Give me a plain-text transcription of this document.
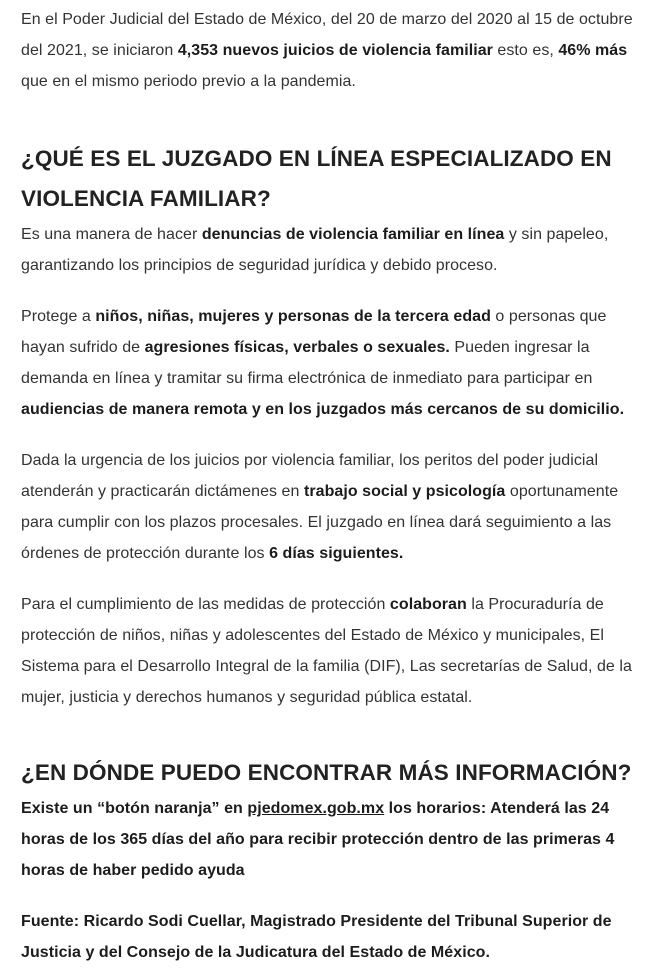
En el Poder Judicial del Estado de México, del 20 de marzo del 2020 al 15 de octubre del 2021, se iniciaron 4,353 nuevos juicios de violencia familiar esto es, 46% más que en el mismo periodo previo a la pandemia.

¿QUÉ ES EL JUZGADO EN LÍNEA ESPECIALIZADO EN VIOLENCIA FAMILIAR?

Es una manera de hacer denuncias de violencia familiar en línea y sin papeleo, garantizando los principios de seguridad jurídica y debido proceso.

Protege a niños, niñas, mujeres y personas de la tercera edad o personas que hayan sufrido de agresiones físicas, verbales o sexuales. Pueden ingresar la demanda en línea y tramitar su firma electrónica de inmediato para participar en audiencias de manera remota y en los juzgados más cercanos de su domicilio.

Dada la urgencia de los juicios por violencia familiar, los peritos del poder judicial atenderán y practicarán dictámenes en trabajo social y psicología oportunamente para cumplir con los plazos procesales. El juzgado en línea dará seguimiento a las órdenes de protección durante los 6 días siguientes.

Para el cumplimiento de las medidas de protección colaboran la Procuraduría de protección de niños, niñas y adolescentes del Estado de México y municipales, El Sistema para el Desarrollo Integral de la familia (DIF), Las secretarías de Salud, de la mujer, justicia y derechos humanos y seguridad pública estatal.

¿EN DÓNDE PUEDO ENCONTRAR MÁS INFORMACIÓN?

Existe un “botón naranja” en pjedomex.gob.mx los horarios: Atenderá las 24 horas de los 365 días del año para recibir protección dentro de las primeras 4 horas de haber pedido ayuda

Fuente: Ricardo Sodi Cuellar, Magistrado Presidente del Tribunal Superior de Justicia y del Consejo de la Judicatura del Estado de México.
